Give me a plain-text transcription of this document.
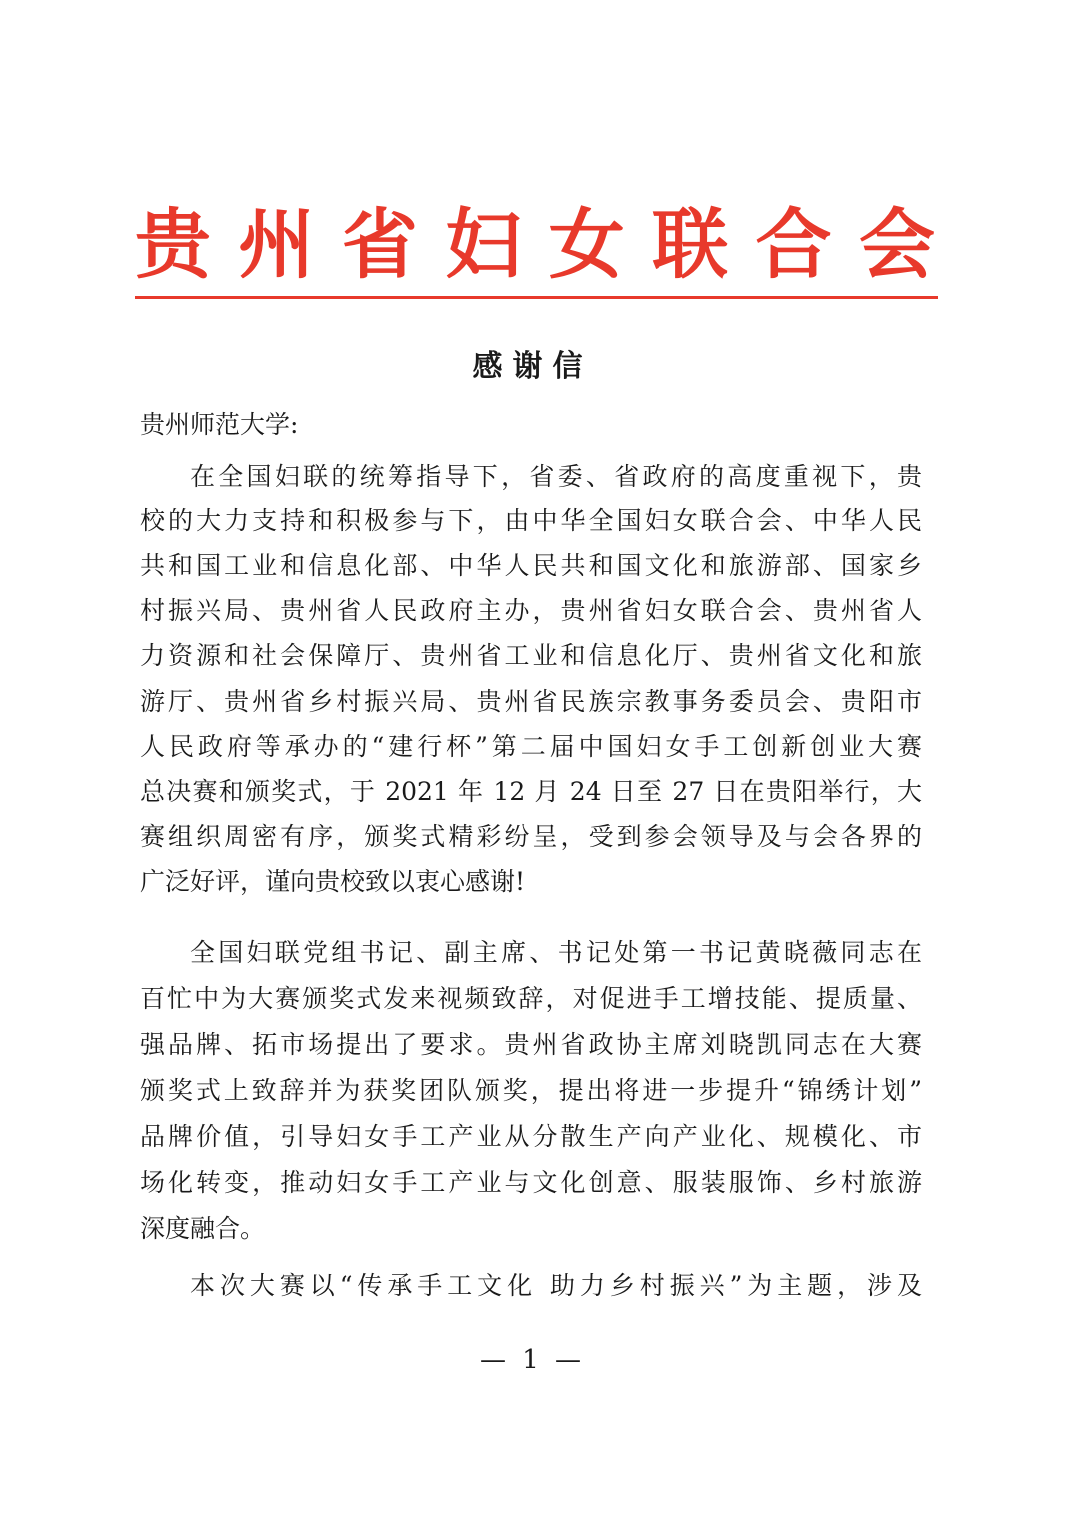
贵 州 省 妇 女 联 合 会
感谢信
贵州师范大学:
在全国妇联的统筹指导下，省委、省政府的高度重视下，贵
校的大力支持和积极参与下，由中华全国妇女联合会、中华人民
共和国工业和信息化部、中华人民共和国文化和旅游部、国家乡
村振兴局、贵州省人民政府主办，贵州省妇女联合会、贵州省人
力资源和社会保障厅、贵州省工业和信息化厅、贵州省文化和旅
游厅、贵州省乡村振兴局、贵州省民族宗教事务委员会、贵阳市
人民政府等承办的“建行杯”第二届中国妇女手工创新创业大赛
总决赛和颁奖式，于 2021 年 12 月 24 日至 27 日在贵阳举行，大
赛组织周密有序，颁奖式精彩纷呈，受到参会领导及与会各界的
广泛好评，谨向贵校致以衷心感谢!
全国妇联党组书记、副主席、书记处第一书记黄晓薇同志在
百忙中为大赛颁奖式发来视频致辞，对促进手工增技能、提质量、
强品牌、拓市场提出了要求。贵州省政协主席刘晓凯同志在大赛
颁奖式上致辞并为获奖团队颁奖，提出将进一步提升“锦绣计划”
品牌价值，引导妇女手工产业从分散生产向产业化、规模化、市
场化转变，推动妇女手工产业与文化创意、服装服饰、乡村旅游
深度融合。
本次大赛以“传承手工文化 助力乡村振兴”为主题，涉及
— 1 —
